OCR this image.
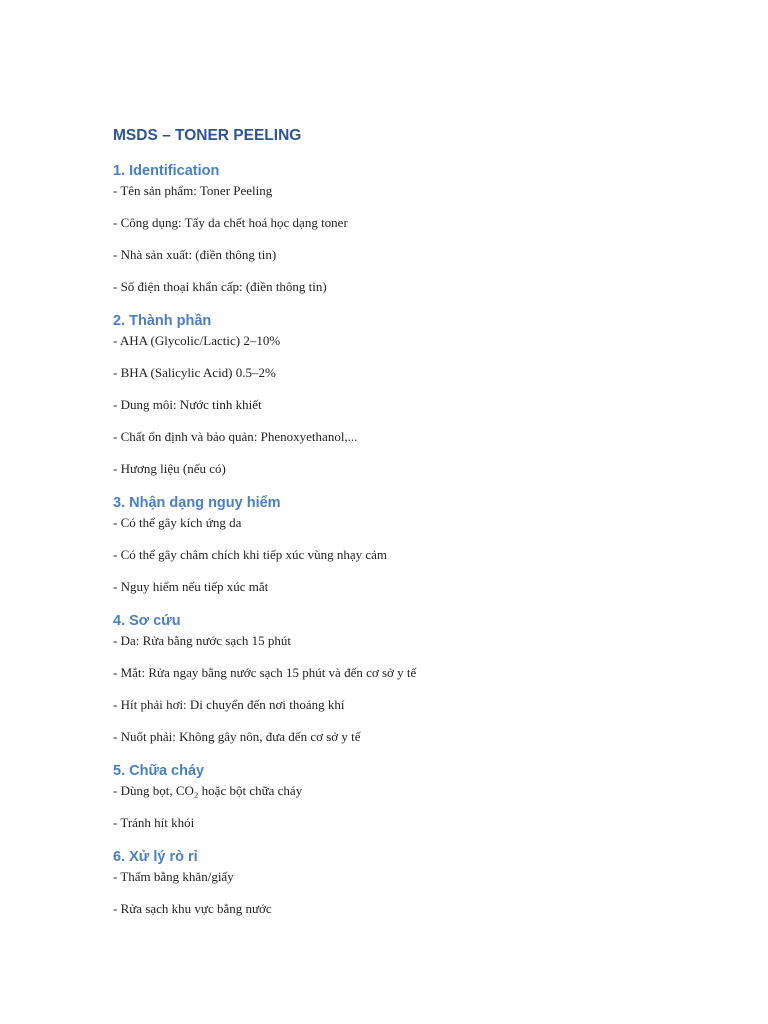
MSDS – TONER PEELING
1. Identification

- Tên sản phẩm: Toner Peeling

- Công dụng: Tẩy da chết hoá học dạng toner

- Nhà sản xuất: (điền thông tin)

- Số điện thoại khẩn cấp: (điền thông tin)

2. Thành phần

- AHA (Glycolic/Lactic) 2–10%

- BHA (Salicylic Acid) 0.5–2%

- Dung môi: Nước tinh khiết

- Chất ổn định và bảo quản: Phenoxyethanol,...

- Hương liệu (nếu có)

3. Nhận dạng nguy hiểm

- Có thể gây kích ứng da

- Có thể gây châm chích khi tiếp xúc vùng nhạy cảm

- Nguy hiểm nếu tiếp xúc mắt

4. Sơ cứu

- Da: Rửa bằng nước sạch 15 phút

- Mắt: Rửa ngay bằng nước sạch 15 phút và đến cơ sở y tế

- Hít phải hơi: Di chuyển đến nơi thoáng khí

- Nuốt phải: Không gây nôn, đưa đến cơ sở y tế

5. Chữa cháy

- Dùng bọt, CO₂ hoặc bột chữa cháy

- Tránh hít khói

6. Xử lý rò rỉ

- Thấm bằng khăn/giấy

- Rửa sạch khu vực bằng nước
